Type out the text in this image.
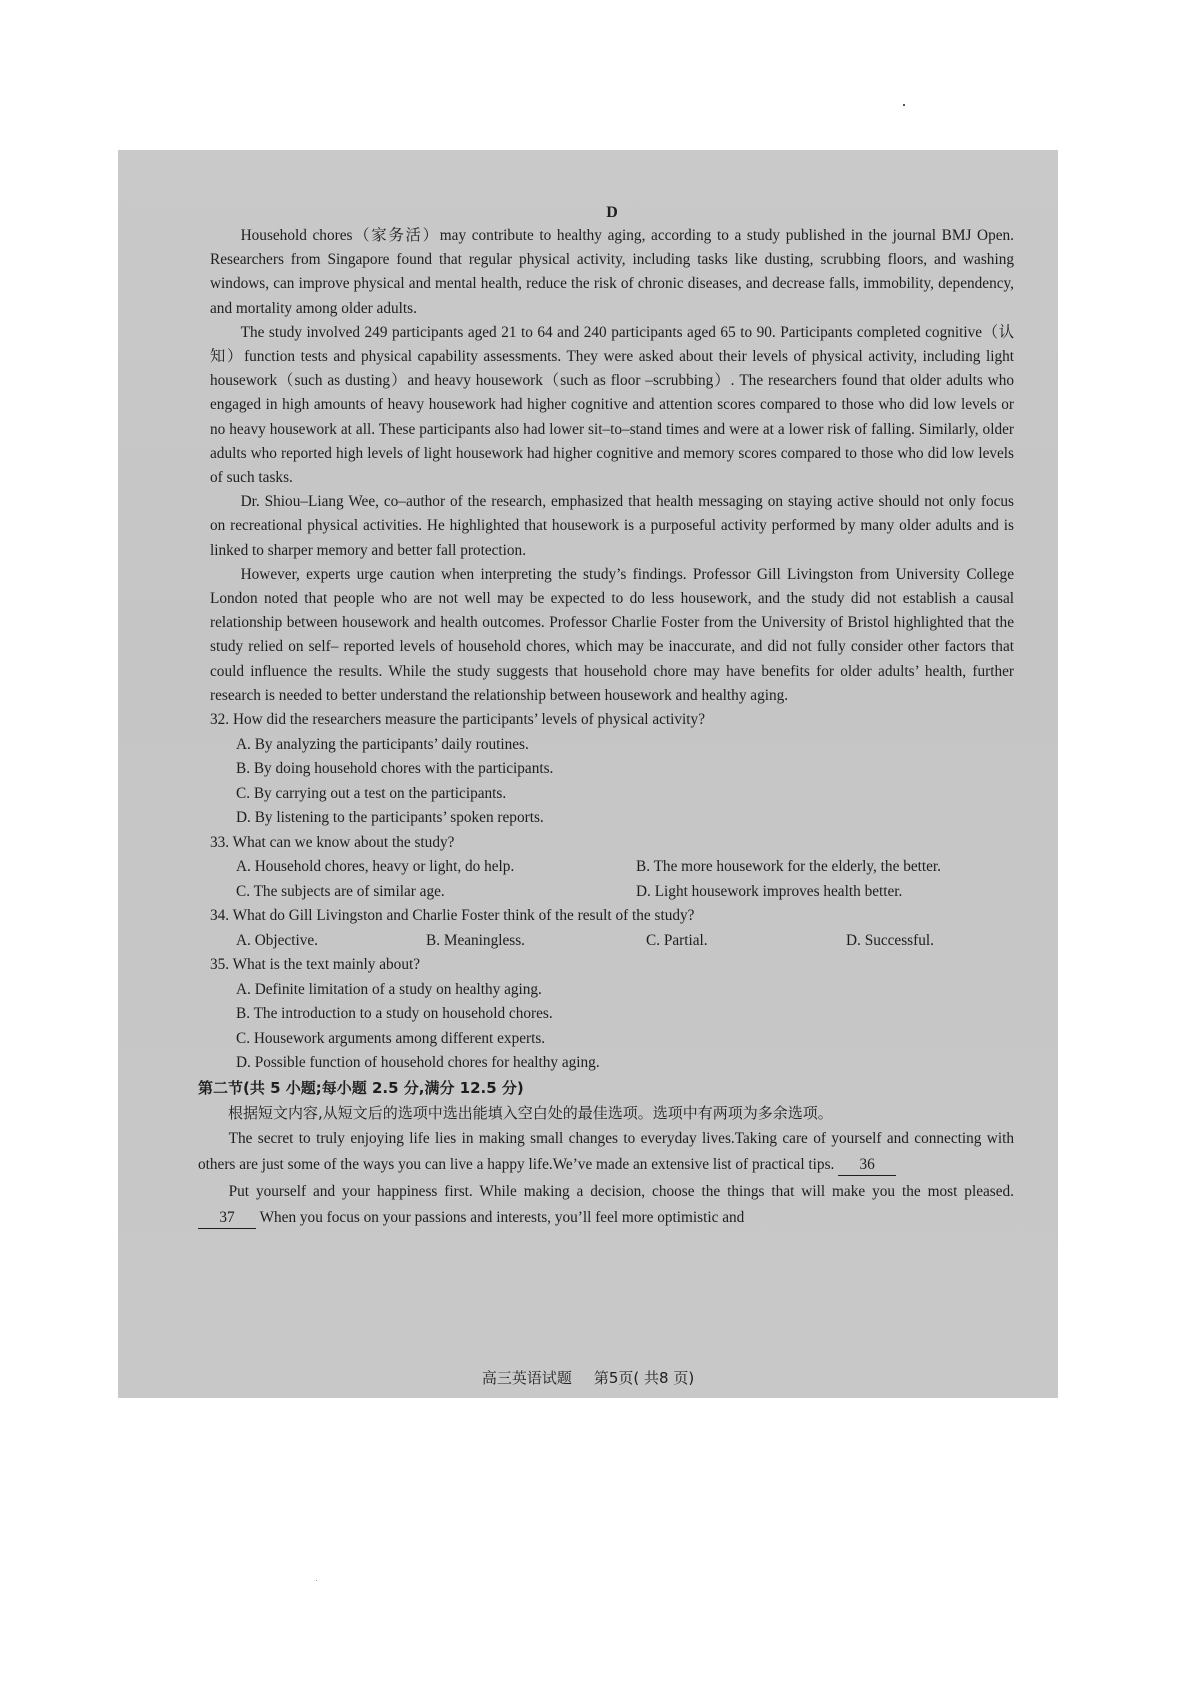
D

Household chores（家务活）may contribute to healthy aging, according to a study published in the journal BMJ Open. Researchers from Singapore found that regular physical activity, including tasks like dusting, scrubbing floors, and washing windows, can improve physical and mental health, reduce the risk of chronic diseases, and decrease falls, immobility, dependency, and mortality among older adults.

The study involved 249 participants aged 21 to 64 and 240 participants aged 65 to 90. Participants completed cognitive（认知）function tests and physical capability assessments. They were asked about their levels of physical activity, including light housework（such as dusting）and heavy housework（such as floor –scrubbing）. The researchers found that older adults who engaged in high amounts of heavy housework had higher cognitive and attention scores compared to those who did low levels or no heavy housework at all. These participants also had lower sit–to–stand times and were at a lower risk of falling. Similarly, older adults who reported high levels of light housework had higher cognitive and memory scores compared to those who did low levels of such tasks.

Dr. Shiou–Liang Wee, co–author of the research, emphasized that health messaging on staying active should not only focus on recreational physical activities. He highlighted that housework is a purposeful activity performed by many older adults and is linked to sharper memory and better fall protection.

However, experts urge caution when interpreting the study’s findings. Professor Gill Livingston from University College London noted that people who are not well may be expected to do less housework, and the study did not establish a causal relationship between housework and health outcomes. Professor Charlie Foster from the University of Bristol highlighted that the study relied on self– reported levels of household chores, which may be inaccurate, and did not fully consider other factors that could influence the results. While the study suggests that household chore may have benefits for older adults’ health, further research is needed to better understand the relationship between housework and healthy aging.

32. How did the researchers measure the participants’ levels of physical activity?
A. By analyzing the participants’ daily routines.
B. By doing household chores with the participants.
C. By carrying out a test on the participants.
D. By listening to the participants’ spoken reports.
33. What can we know about the study?
A. Household chores, heavy or light, do help.	B. The more housework for the elderly, the better.
C. The subjects are of similar age.	D. Light housework improves health better.
34. What do Gill Livingston and Charlie Foster think of the result of the study?
A. Objective.	B. Meaningless.	C. Partial.	D. Successful.
35. What is the text mainly about?
A. Definite limitation of a study on healthy aging.
B. The introduction to a study on household chores.
C. Housework arguments among different experts.
D. Possible function of household chores for healthy aging.
第二节(共 5 小题;每小题 2.5 分,满分 12.5 分)
根据短文内容,从短文后的选项中选出能填入空白处的最佳选项。选项中有两项为多余选项。

The secret to truly enjoying life lies in making small changes to everyday lives.Taking care of yourself and connecting with others are just some of the ways you can live a happy life.We’ve made an extensive list of practical tips. 36

Put yourself and your happiness first. While making a decision, choose the things that will make you the most pleased. 37 When you focus on your passions and interests, you’ll feel more optimistic and

高三英语试题 第5页( 共8 页)
